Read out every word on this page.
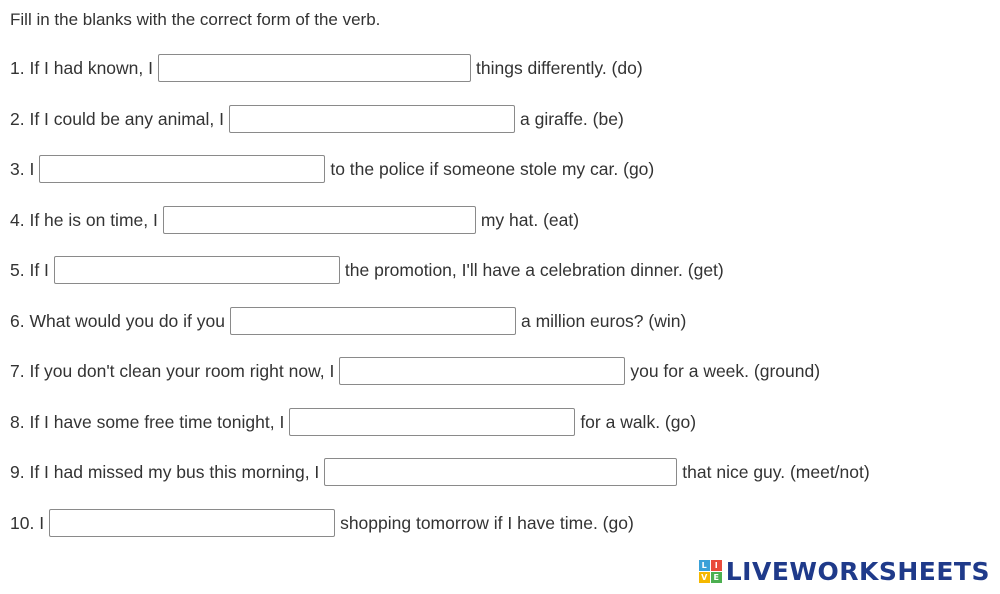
Fill in the blanks with the correct form of the verb.
1. If I had known, I	things differently. (do)
2. If I could be any animal, I	a giraffe. (be)
3. I	to the police if someone stole my car. (go)
4. If he is on time, I	my hat. (eat)
5. If I	the promotion, I'll have a celebration dinner. (get)
6. What would you do if you	a million euros? (win)
7. If you don't clean your room right now, I	you for a week. (ground)
8. If I have some free time tonight, I	for a walk. (go)
9. If I had missed my bus this morning, I	that nice guy. (meet/not)
10. I	shopping tomorrow if I have time. (go)
L I
V E LIVEWORKSHEETS
